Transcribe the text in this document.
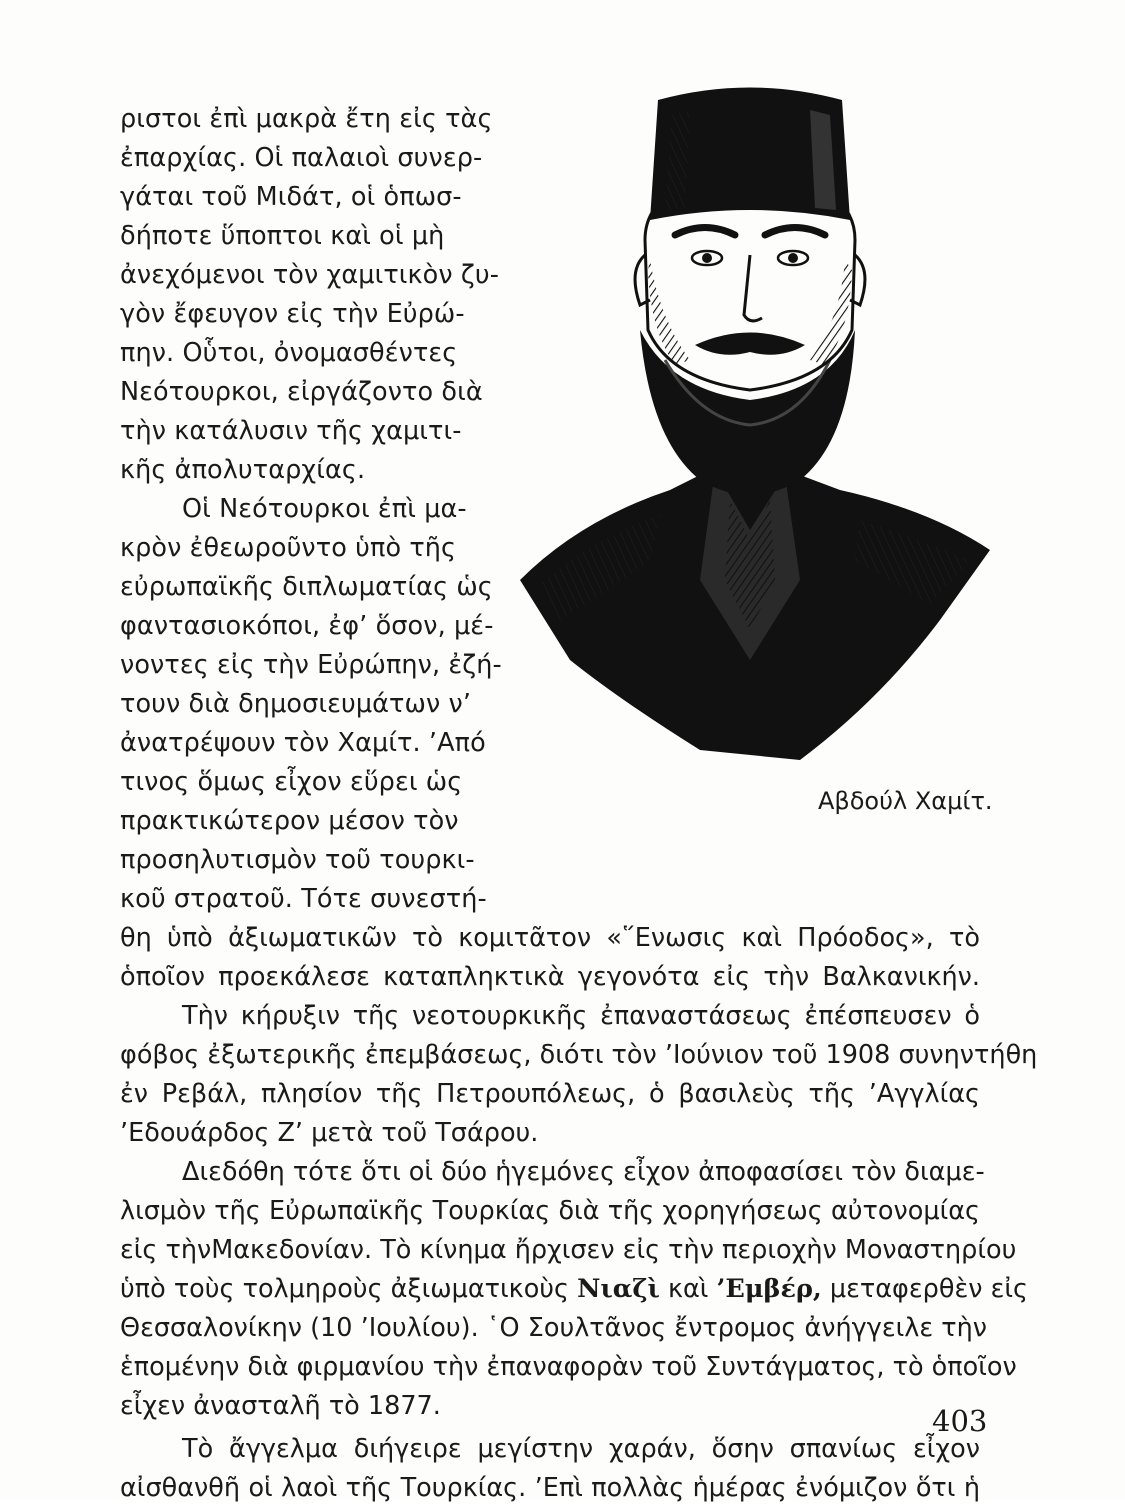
ριστοι ἐπὶ μακρὰ ἔτη εἰς τὰς
ἐπαρχίας. Οἱ παλαιοὶ συνερ-
γάται τοῦ Μιδάτ, οἱ ὁπωσ-
δήποτε ὕποπτοι καὶ οἱ μὴ
ἀνεχόμενοι τὸν χαμιτικὸν ζυ-
γὸν ἔφευγον εἰς τὴν Εὐρώ-
πην. Οὗτοι, ὀνομασθέντες
Νεότουρκοι, εἰργάζοντο διὰ
τὴν κατάλυσιν τῆς χαμιτι-
κῆς ἀπολυταρχίας.
Οἱ Νεότουρκοι ἐπὶ μα-
κρὸν ἐθεωροῦντο ὑπὸ τῆς
εὐρωπαϊκῆς διπλωματίας ὡς
φαντασιοκόποι, ἐφ’ ὅσον, μέ-
νοντες εἰς τὴν Εὐρώπην, ἐζή-
τουν διὰ δημοσιευμάτων ν’
ἀνατρέψουν τὸν Χαμίτ. ’Από
τινος ὅμως εἶχον εὕρει ὡς
πρακτικώτερον μέσον τὸν
προσηλυτισμὸν τοῦ τουρκι-
κοῦ στρατοῦ. Τότε συνεστή-
Αβδούλ Χαμίτ.
θη ὑπὸ ἀξιωματικῶν τὸ κομιτᾶτον «῞Ενωσις καὶ Πρόοδος», τὸ
ὁποῖον προεκάλεσε καταπληκτικὰ γεγονότα εἰς τὴν Βαλκανικήν.
Τὴν κήρυξιν τῆς νεοτουρκικῆς ἐπαναστάσεως ἐπέσπευσεν ὁ
φόβος ἐξωτερικῆς ἐπεμβάσεως, διότι τὸν ’Ιούνιον τοῦ 1908 συνηντήθη
ἐν Ρεβάλ, πλησίον τῆς Πετρουπόλεως, ὁ βασιλεὺς τῆς ’Αγγλίας
’Εδουάρδος Ζ’ μετὰ τοῦ Τσάρου.
Διεδόθη τότε ὅτι οἱ δύο ἡγεμόνες εἶχον ἀποφασίσει τὸν διαμε-
λισμὸν τῆς Εὐρωπαϊκῆς Τουρκίας διὰ τῆς χορηγήσεως αὐτονομίας
εἰς τὴνΜακεδονίαν. Τὸ κίνημα ἤρχισεν εἰς τὴν περιοχὴν Μοναστηρίου
ὑπὸ τοὺς τολμηροὺς ἀξιωματικοὺς Νιαζὶ καὶ ’Εμβέρ, μεταφερθὲν εἰς
Θεσσαλονίκην (10 ’Ιουλίου). ῾Ο Σουλτᾶνος ἔντρομος ἀνήγγειλε τὴν
ἑπομένην διὰ φιρμανίου τὴν ἐπαναφορὰν τοῦ Συντάγματος, τὸ ὁποῖον
εἶχεν ἀνασταλῆ τὸ 1877.
Τὸ ἄγγελμα διήγειρε μεγίστην χαράν, ὅσην σπανίως εἶχον
αἰσθανθῆ οἱ λαοὶ τῆς Τουρκίας. ’Επὶ πολλὰς ἡμέρας ἐνόμιζον ὅτι ἡ
403
